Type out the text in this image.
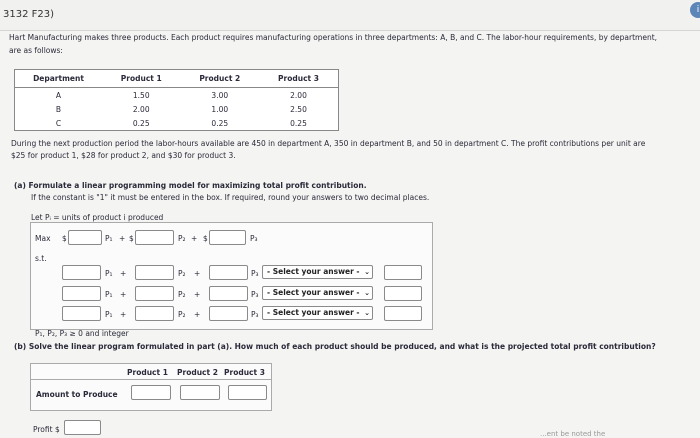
3132 F23)	i
Hart Manufacturing makes three products. Each product requires manufacturing operations in three departments: A, B, and C. The labor-hour requirements, by department,
are as follows:
Department	Product 1	Product 2	Product 3
A	1.50	3.00	2.00
B	2.00	1.00	2.50
C	0.25	0.25	0.25
During the next production period the labor-hours available are 450 in department A, 350 in department B, and 50 in department C. The profit contributions per unit are
$25 for product 1, $28 for product 2, and $30 for product 3.
(a) Formulate a linear programming model for maximizing total profit contribution.
If the constant is "1" it must be entered in the box. If required, round your answers to two decimal places.
Let Pᵢ = units of product i produced
Max $	P₁ + $	P₂ + $	P₃
s.t.
P₁ +	P₂ +	P₃	- Select your answer - ⌄
P₁ +	P₂ +	P₃	- Select your answer - ⌄
P₁ +	P₂ +	P₃	- Select your answer - ⌄
P₁, P₂, P₃ ≥ 0 and integer
(b) Solve the linear program formulated in part (a). How much of each product should be produced, and what is the projected total profit contribution?
Product 1 Product 2 Product 3
Amount to Produce
Profit $	...ent be noted the
